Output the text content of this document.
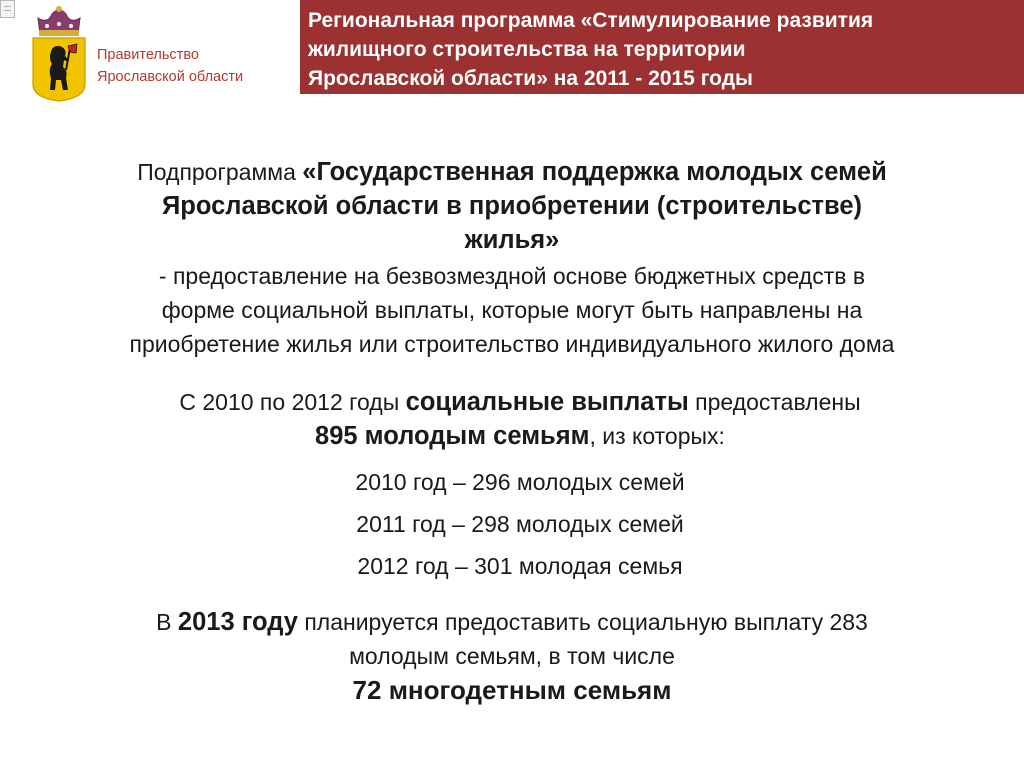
Правительство
Ярославской области
Региональная программа «Стимулирование развития
жилищного строительства на территории
Ярославской области» на 2011 - 2015 годы
Подпрограмма «Государственная поддержка молодых семей
Ярославской области в приобретении (строительстве)
жилья»
- предоставление на безвозмездной основе бюджетных средств в
форме социальной выплаты, которые могут быть направлены на
приобретение жилья или строительство индивидуального жилого дома
С 2010 по 2012 годы социальные выплаты предоставлены
895 молодым семьям, из которых:
2010 год – 296 молодых семей
2011 год – 298 молодых семей
2012 год – 301 молодая семья
В 2013 году планируется предоставить социальную выплату 283
молодым семьям, в том числе
72 многодетным семьям
